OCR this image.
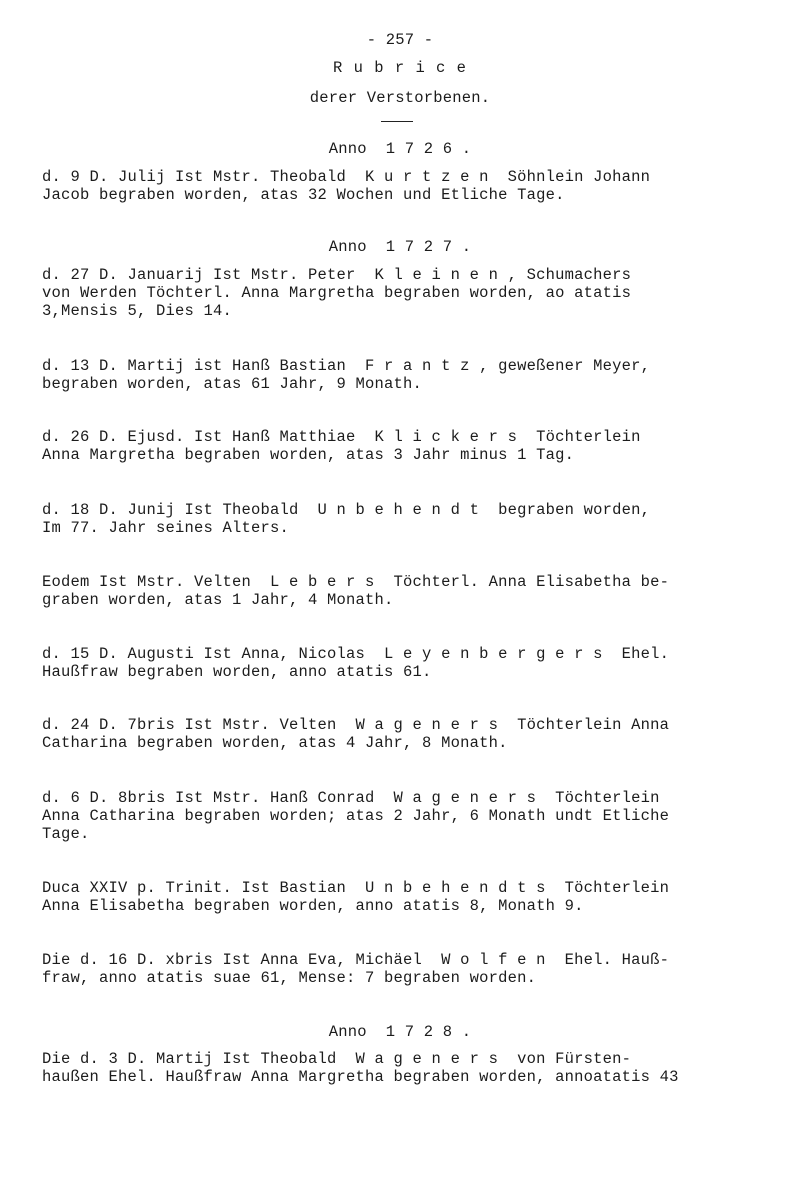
- 257 -
R u b r i c e
derer Verstorbenen.
Anno  1 7 2 6 .
d. 9 D. Julij Ist Mstr. Theobald  K u r t z e n  Söhnlein Johann
Jacob begraben worden, atas 32 Wochen und Etliche Tage.
Anno  1 7 2 7 .
d. 27 D. Januarij Ist Mstr. Peter  K l e i n e n , Schumachers
von Werden Töchterl. Anna Margretha begraben worden, ao atatis
3,Mensis 5, Dies 14.
d. 13 D. Martij ist Hanß Bastian  F r a n t z , geweßener Meyer,
begraben worden, atas 61 Jahr, 9 Monath.
d. 26 D. Ejusd. Ist Hanß Matthiae  K l i c k e r s  Töchterlein
Anna Margretha begraben worden, atas 3 Jahr minus 1 Tag.
d. 18 D. Junij Ist Theobald  U n b e h e n d t  begraben worden,
Im 77. Jahr seines Alters.
Eodem Ist Mstr. Velten  L e b e r s  Töchterl. Anna Elisabetha be-
graben worden, atas 1 Jahr, 4 Monath.
d. 15 D. Augusti Ist Anna, Nicolas  L e y e n b e r g e r s  Ehel.
Haußfraw begraben worden, anno atatis 61.
d. 24 D. 7bris Ist Mstr. Velten  W a g e n e r s  Töchterlein Anna
Catharina begraben worden, atas 4 Jahr, 8 Monath.
d. 6 D. 8bris Ist Mstr. Hanß Conrad  W a g e n e r s  Töchterlein
Anna Catharina begraben worden; atas 2 Jahr, 6 Monath undt Etliche
Tage.
Duca XXIV p. Trinit. Ist Bastian  U n b e h e n d t s  Töchterlein
Anna Elisabetha begraben worden, anno atatis 8, Monath 9.
Die d. 16 D. xbris Ist Anna Eva, Michäel  W o l f e n  Ehel. Hauß-
fraw, anno atatis suae 61, Mense: 7 begraben worden.
Anno  1 7 2 8 .
Die d. 3 D. Martij Ist Theobald  W a g e n e r s  von Fürsten-
haußen Ehel. Haußfraw Anna Margretha begraben worden, annoatatis 43
